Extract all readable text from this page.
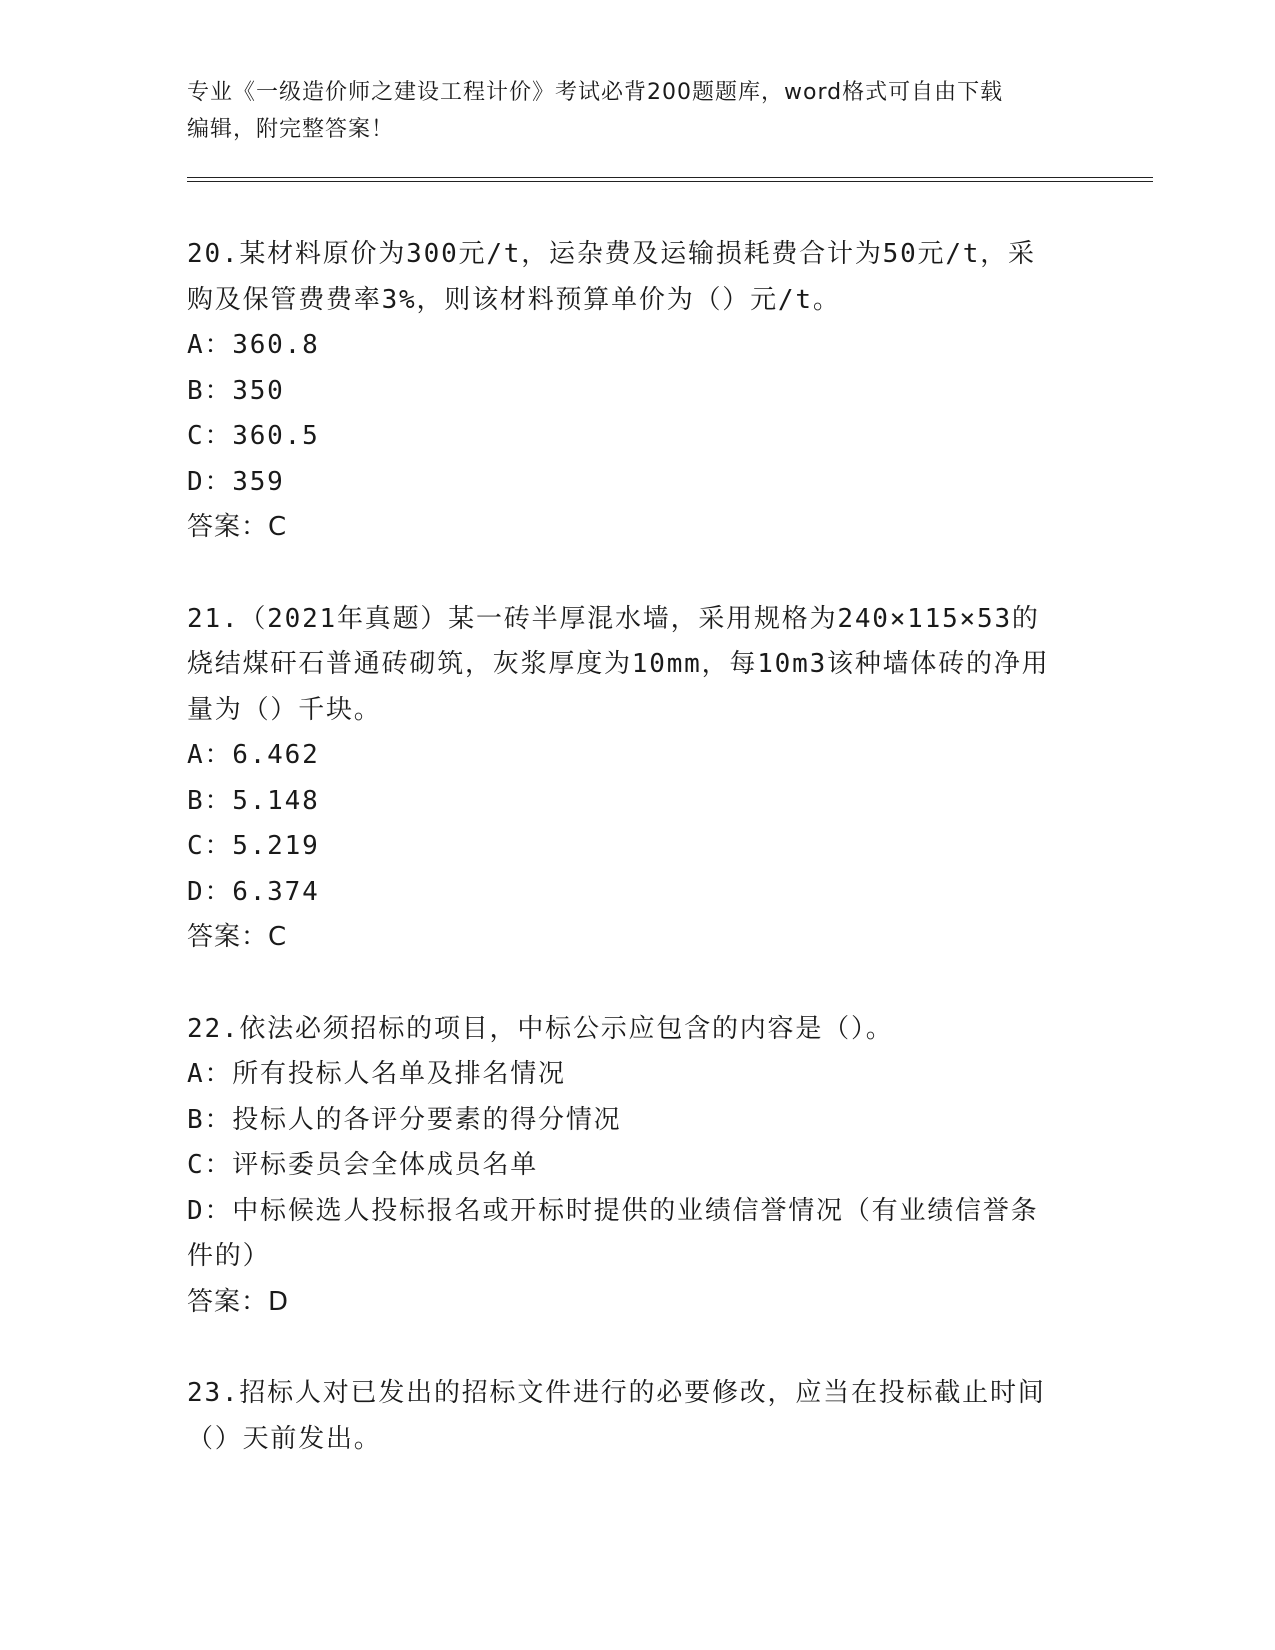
专业《一级造价师之建设工程计价》考试必背200题题库，word格式可自由下载
编辑，附完整答案！
20.某材料原价为300元/t，运杂费及运输损耗费合计为50元/t，采
购及保管费费率3%，则该材料预算单价为（）元/t。
A：360.8
B：350
C：360.5
D：359
答案：C
21.（2021年真题）某一砖半厚混水墙，采用规格为240×115×53的
烧结煤矸石普通砖砌筑，灰浆厚度为10mm，每10m3该种墙体砖的净用
量为（）千块。
A：6.462
B：5.148
C：5.219
D：6.374
答案：C
22.依法必须招标的项目，中标公示应包含的内容是（）。
A：所有投标人名单及排名情况
B：投标人的各评分要素的得分情况
C：评标委员会全体成员名单
D：中标候选人投标报名或开标时提供的业绩信誉情况（有业绩信誉条
件的）
答案：D
23.招标人对已发出的招标文件进行的必要修改，应当在投标截止时间
（）天前发出。
